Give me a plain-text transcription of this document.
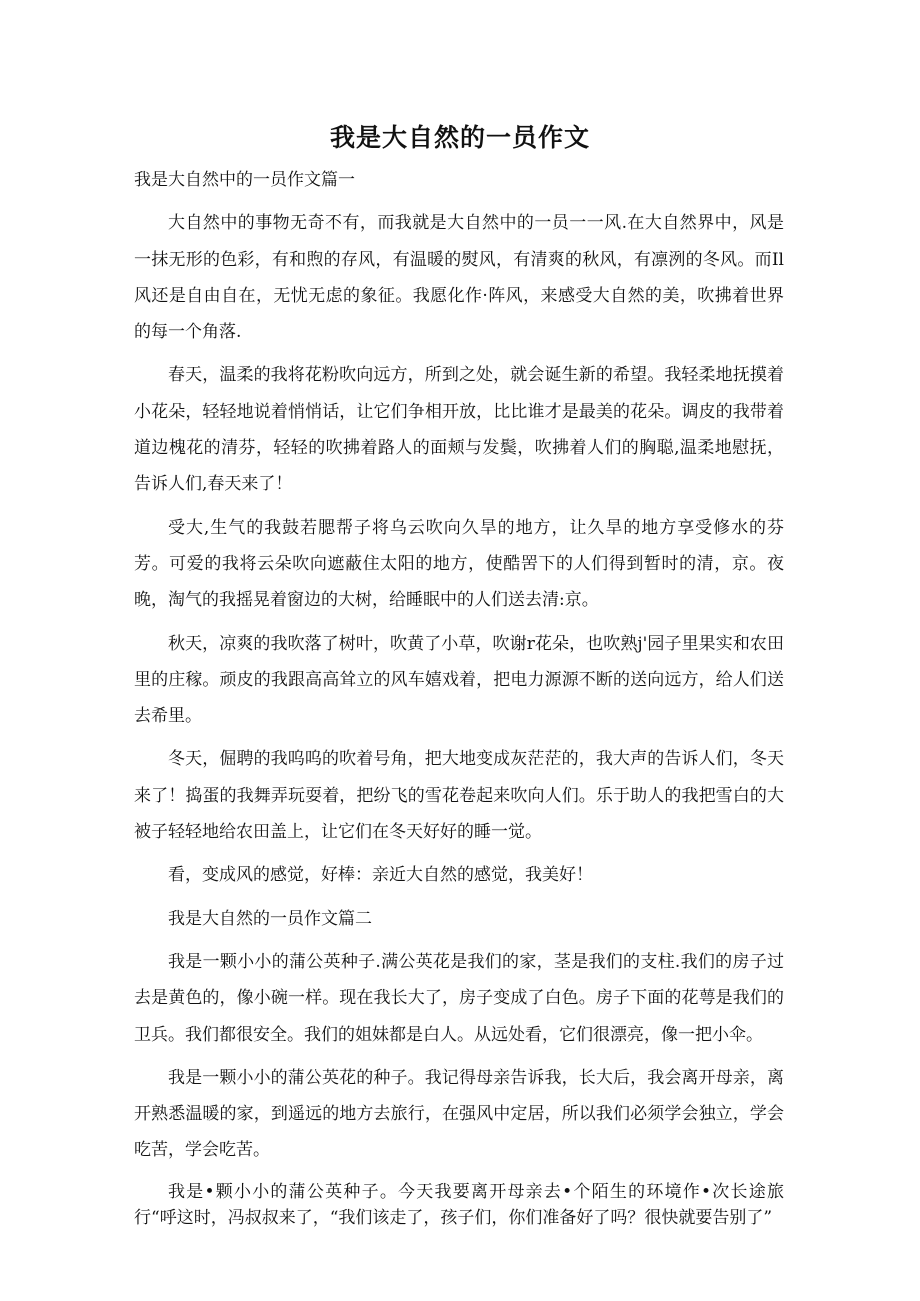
我是大自然的一员作文

我是大自然中的一员作文篇一

大自然中的事物无奇不有，而我就是大自然中的一员一一风.在大自然界中，风是一抹无形的色彩，有和煦的存风，有温暖的熨风，有清爽的秋风，有凛洌的冬风。而Il风还是自由自在，无忧无虑的象征。我愿化作·阵风，来感受大自然的美，吹拂着世界的每一个角落.

春天，温柔的我将花粉吹向远方，所到之处，就会诞生新的希望。我轻柔地抚摸着小花朵，轻轻地说着悄悄话，让它们争相开放，比比谁才是最美的花朵。调皮的我带着道边槐花的清芬，轻轻的吹拂着路人的面颊与发鬓，吹拂着人们的胸聪,温柔地慰抚，告诉人们,春天来了！

受大,生气的我鼓若腮帮子将乌云吹向久旱的地方，让久旱的地方享受修水的芬芳。可爱的我将云朵吹向遮蔽住太阳的地方，使酷罟下的人们得到暂时的清，京。夜晚，淘气的我摇晃着窗边的大树，给睡眠中的人们送去清:京。

秋天，凉爽的我吹落了树叶，吹黄了小草，吹谢r花朵，也吹熟j'园子里果实和农田里的庄稼。顽皮的我跟高高耸立的风车嬉戏着，把电力源源不断的送向远方，给人们送去希里。

冬天，倔聘的我呜呜的吹着号角，把大地变成灰茫茫的，我大声的告诉人们，冬天来了！捣蛋的我舞弄玩耍着，把纷飞的雪花卷起来吹向人们。乐于助人的我把雪白的大被子轻轻地给农田盖上，让它们在冬天好好的睡一觉。

看，变成风的感觉，好棒：亲近大自然的感觉，我美好！

我是大自然的一员作文篇二

我是一颗小小的蒲公英种子.满公英花是我们的家，茎是我们的支柱.我们的房子过去是黄色的，像小碗一样。现在我长大了，房子变成了白色。房子下面的花萼是我们的卫兵。我们都很安全。我们的姐妹都是白人。从远处看，它们很漂亮，像一把小伞。

我是一颗小小的蒲公英花的种子。我记得母亲告诉我，长大后，我会离开母亲，离开熟悉温暖的家，到遥远的地方去旅行，在强风中定居，所以我们必须学会独立，学会吃苦，学会吃苦。

我是•颗小小的蒲公英种子。今天我要离开母亲去•个陌生的环境作•次长途旅行“呼这时，冯叔叔来了，“我们该走了，孩子们，你们准备好了吗？很快就要告别了”
